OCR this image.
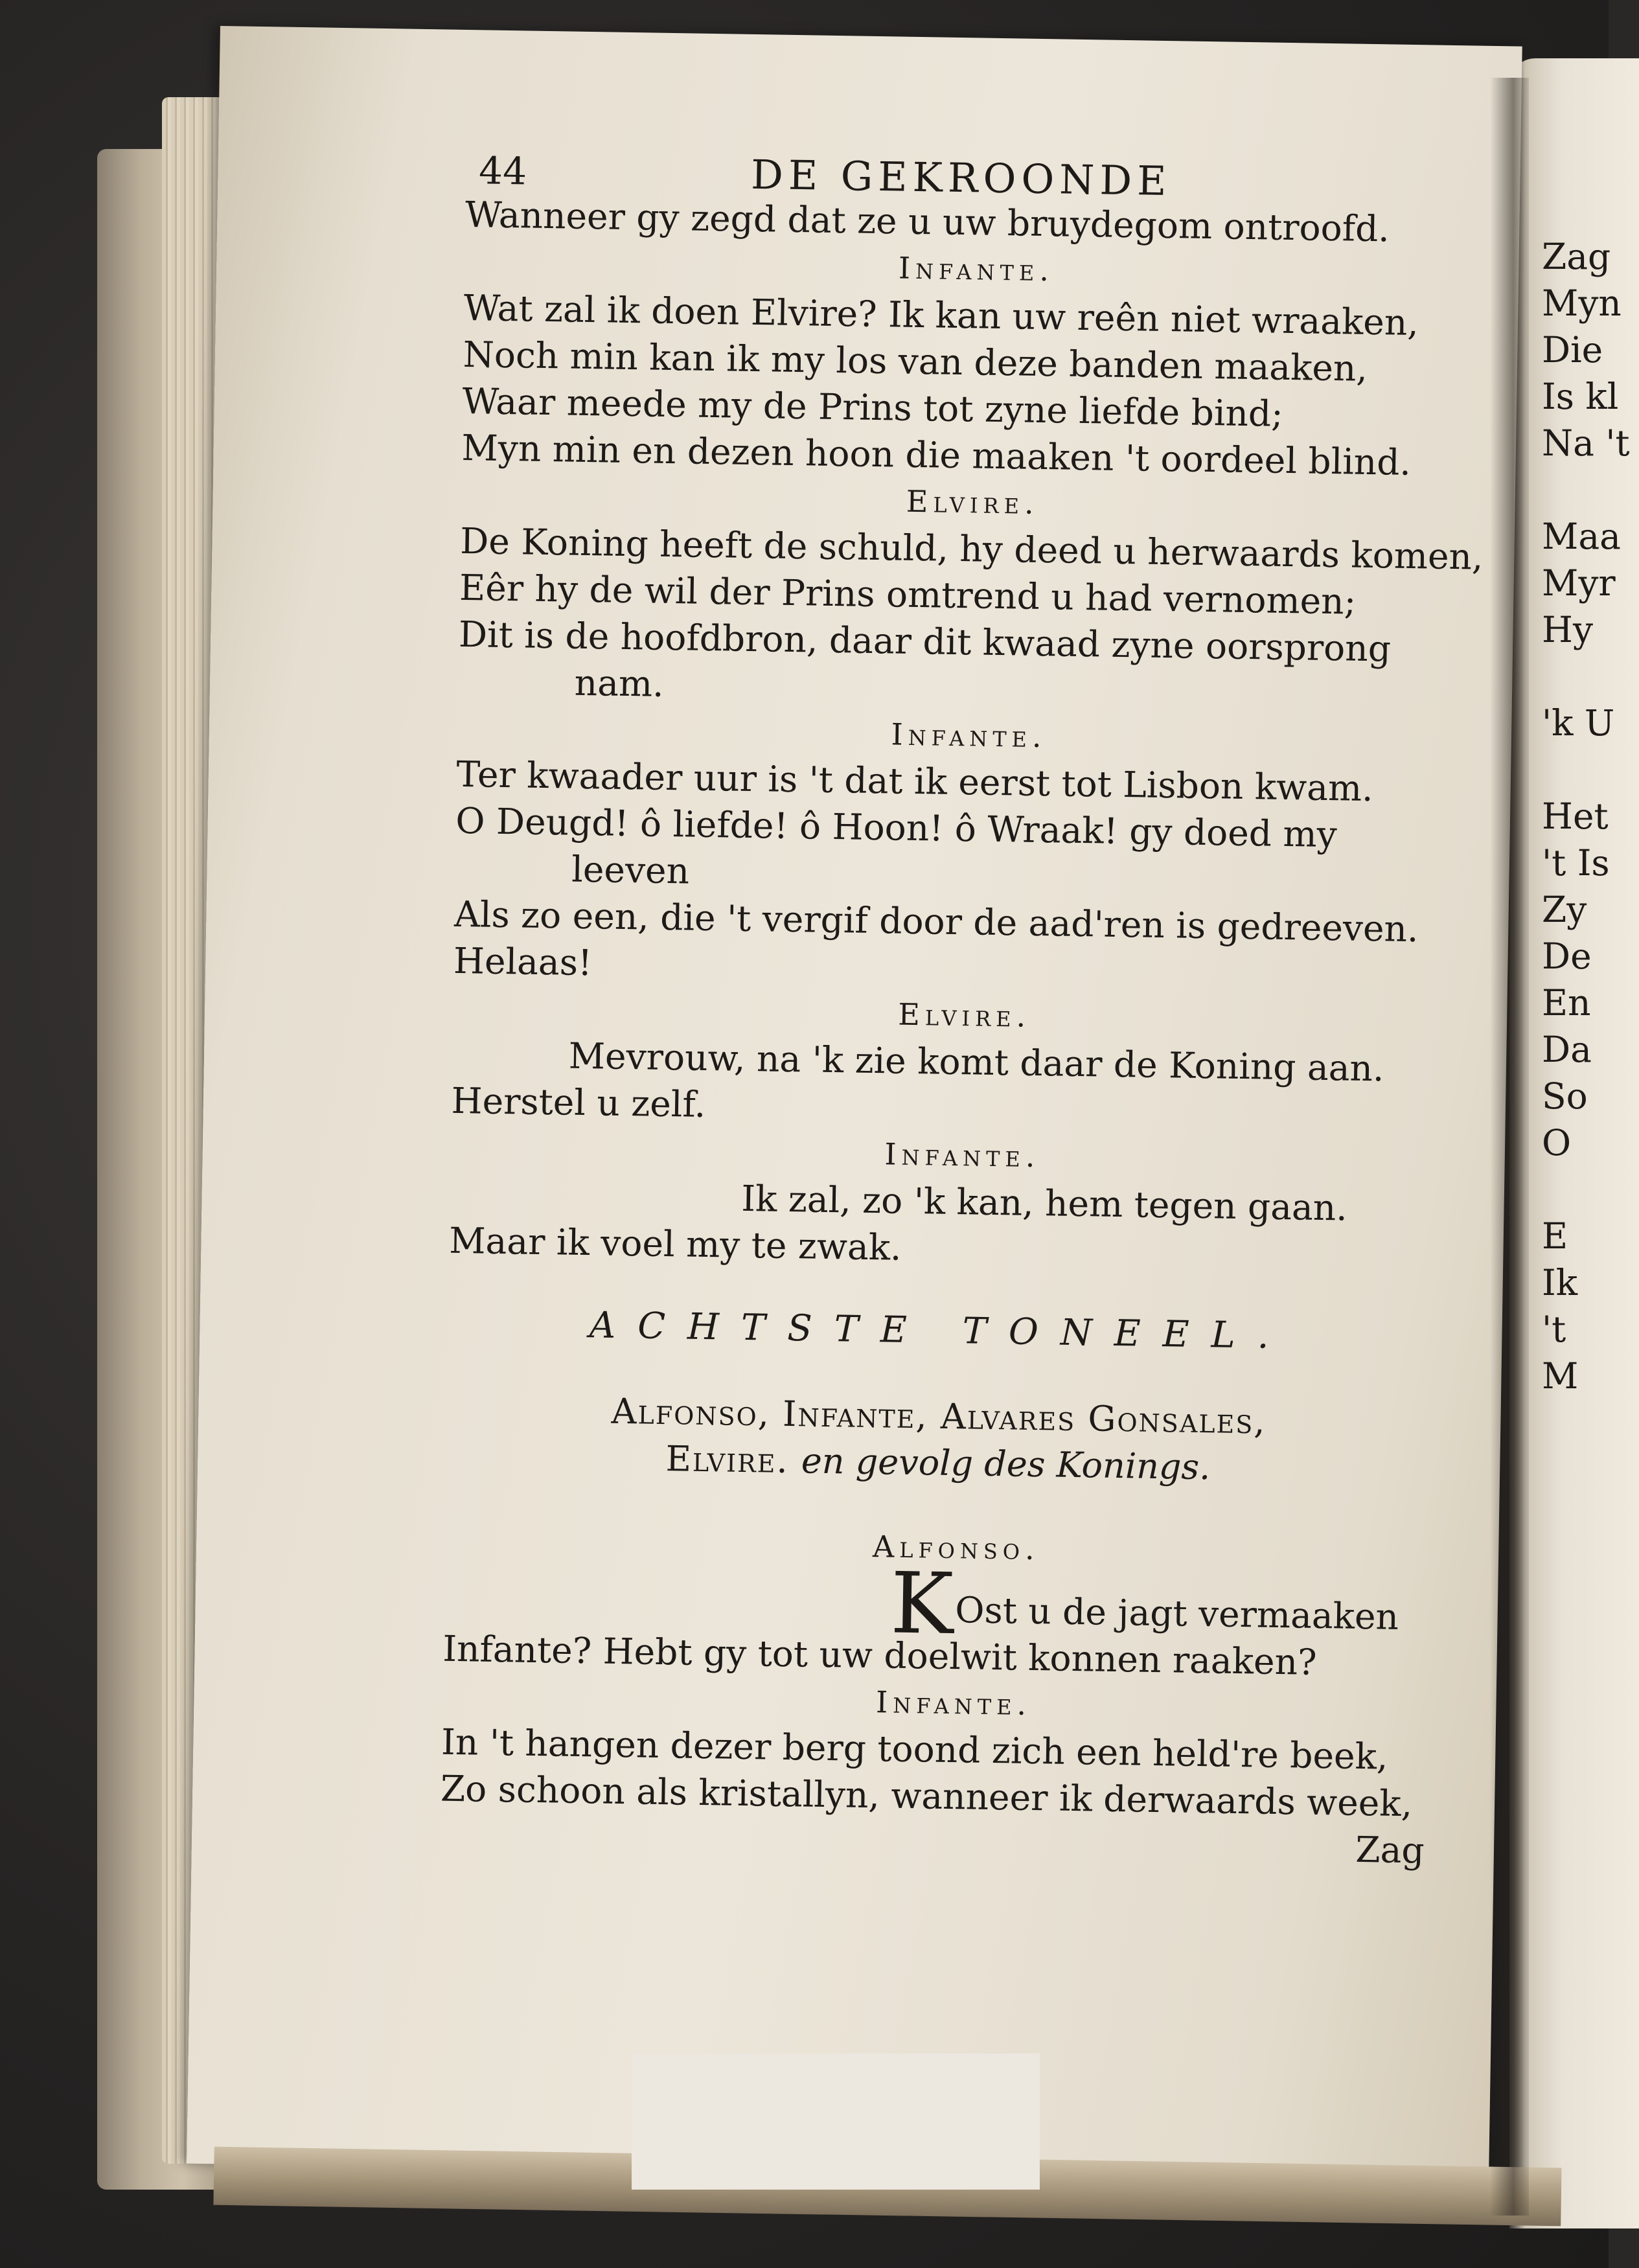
44	DE GEKROONDE
Wanneer gy zegd dat ze u uw bruydegom ontroofd.
Infante.
Wat zal ik doen Elvire? Ik kan uw reên niet wraaken,
Noch min kan ik my los van deze banden maaken,
Waar meede my de Prins tot zyne liefde bind;
Myn min en dezen hoon die maaken 't oordeel blind.
Elvire.
De Koning heeft de schuld, hy deed u herwaards komen,
Eêr hy de wil der Prins omtrend u had vernomen;
Dit is de hoofdbron, daar dit kwaad zyne oorsprong
nam.
Infante.
Ter kwaader uur is 't dat ik eerst tot Lisbon kwam.
O Deugd! ô liefde! ô Hoon! ô Wraak! gy doed my
leeven
Als zo een, die 't vergif door de aad'ren is gedreeven.
Helaas!
Elvire.
Mevrouw, na 'k zie komt daar de Koning aan.
Herstel u zelf.
Infante.
Ik zal, zo 'k kan, hem tegen gaan.
Maar ik voel my te zwak.
ACHTSTE TONEEL.
Alfonso, Infante, Alvares Gonsales,
Elvire. en gevolg des Konings.
Alfonso.
K Ost u de jagt vermaaken
Infante? Hebt gy tot uw doelwit konnen raaken?
Infante.
In 't hangen dezer berg toond zich een held're beek,
Zo schoon als kristallyn, wanneer ik derwaards week,
Zag
Zag
Myn
Die
Is kl
Na 't
Maa
Myr
Hy
'k U
Het
't Is
Zy
De
En
Da
So
O
E
Ik
't
M
